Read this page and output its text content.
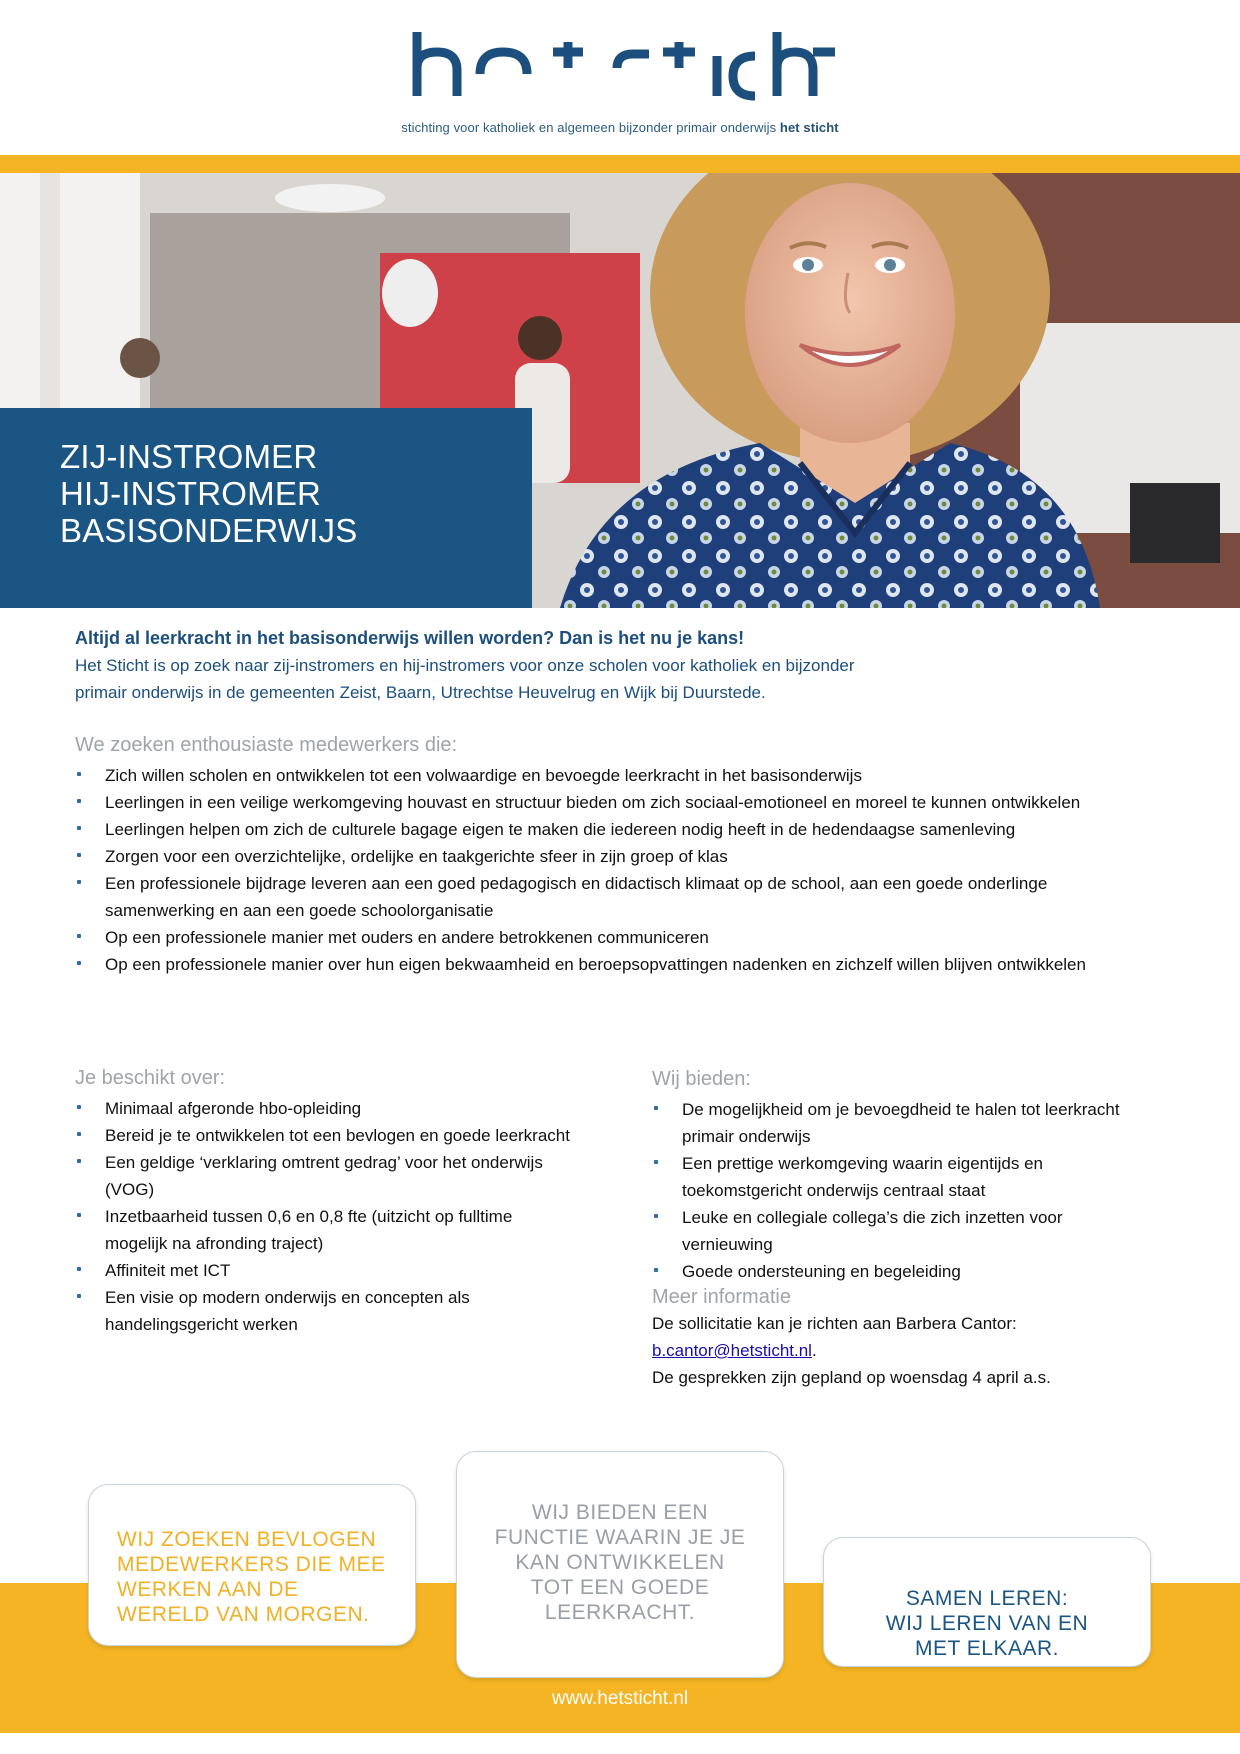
stichting voor katholiek en algemeen bijzonder primair onderwijs het sticht
ZIJ-INSTROMER
HIJ-INSTROMER
BASISONDERWIJS
Altijd al leerkracht in het basisonderwijs willen worden? Dan is het nu je kans!
Het Sticht is op zoek naar zij-instromers en hij-instromers voor onze scholen voor katholiek en bijzonder
primair onderwijs in de gemeenten Zeist, Baarn, Utrechtse Heuvelrug en Wijk bij Duurstede.
We zoeken enthousiaste medewerkers die:
Zich willen scholen en ontwikkelen tot een volwaardige en bevoegde leerkracht in het basisonderwijs
Leerlingen in een veilige werkomgeving houvast en structuur bieden om zich sociaal-emotioneel en moreel te kunnen ontwikkelen
Leerlingen helpen om zich de culturele bagage eigen te maken die iedereen nodig heeft in de hedendaagse samenleving
Zorgen voor een overzichtelijke, ordelijke en taakgerichte sfeer in zijn groep of klas
Een professionele bijdrage leveren aan een goed pedagogisch en didactisch klimaat op de school, aan een goede onderlinge samenwerking en aan een goede schoolorganisatie
Op een professionele manier met ouders en andere betrokkenen communiceren
Op een professionele manier over hun eigen bekwaamheid en beroepsopvattingen nadenken en zichzelf willen blijven ontwikkelen
Je beschikt over:
Minimaal afgeronde hbo-opleiding
Bereid je te ontwikkelen tot een bevlogen en goede leerkracht
Een geldige ‘verklaring omtrent gedrag’ voor het onderwijs (VOG)
Inzetbaarheid tussen 0,6 en 0,8 fte (uitzicht op fulltime mogelijk na afronding traject)
Affiniteit met ICT
Een visie op modern onderwijs en concepten als handelingsgericht werken
Wij bieden:
De mogelijkheid om je bevoegdheid te halen tot leerkracht primair onderwijs
Een prettige werkomgeving waarin eigentijds en toekomstgericht onderwijs centraal staat
Leuke en collegiale collega’s die zich inzetten voor vernieuwing
Goede ondersteuning en begeleiding
Meer informatie
De sollicitatie kan je richten aan Barbera Cantor:
b.cantor@hetsticht.nl.
De gesprekken zijn gepland op woensdag 4 april a.s.
WIJ ZOEKEN BEVLOGEN
MEDEWERKERS DIE MEE
WERKEN AAN DE
WERELD VAN MORGEN.
WIJ BIEDEN EEN
FUNCTIE WAARIN JE JE
KAN ONTWIKKELEN
TOT EEN GOEDE
LEERKRACHT.
SAMEN LEREN:
WIJ LEREN VAN EN
MET ELKAAR.
www.hetsticht.nl
